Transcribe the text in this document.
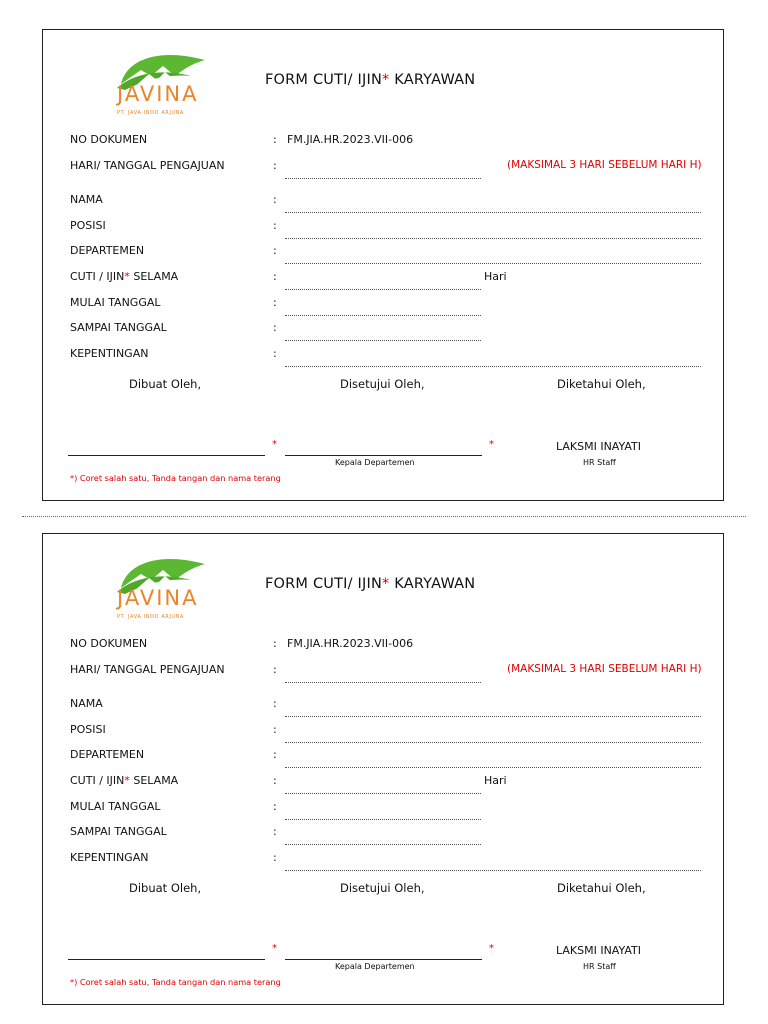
JAVINA
PT. JAVA INDO ARJUNA
FORM CUTI/ IJIN* KARYAWAN
NO DOKUMEN	: FM.JIA.HR.2023.VII-006
HARI/ TANGGAL PENGAJUAN	:	(MAKSIMAL 3 HARI SEBELUM HARI H)
NAMA	:
POSISI	:
DEPARTEMEN	:
CUTI / IJIN* SELAMA	:	Hari
MULAI TANGGAL	:
SAMPAI TANGGAL	:
KEPENTINGAN	:
Dibuat Oleh,	Disetujui Oleh,	Diketahui Oleh,
*	*
Kepala Departemen
LAKSMI INAYATI
HR Staff
*) Coret salah satu, Tanda tangan dan nama terang
JAVINA
PT. JAVA INDO ARJUNA
FORM CUTI/ IJIN* KARYAWAN
NO DOKUMEN	: FM.JIA.HR.2023.VII-006
HARI/ TANGGAL PENGAJUAN	:	(MAKSIMAL 3 HARI SEBELUM HARI H)
NAMA	:
POSISI	:
DEPARTEMEN	:
CUTI / IJIN* SELAMA	:	Hari
MULAI TANGGAL	:
SAMPAI TANGGAL	:
KEPENTINGAN	:
Dibuat Oleh,	Disetujui Oleh,	Diketahui Oleh,
*	*
Kepala Departemen
LAKSMI INAYATI
HR Staff
*) Coret salah satu, Tanda tangan dan nama terang
